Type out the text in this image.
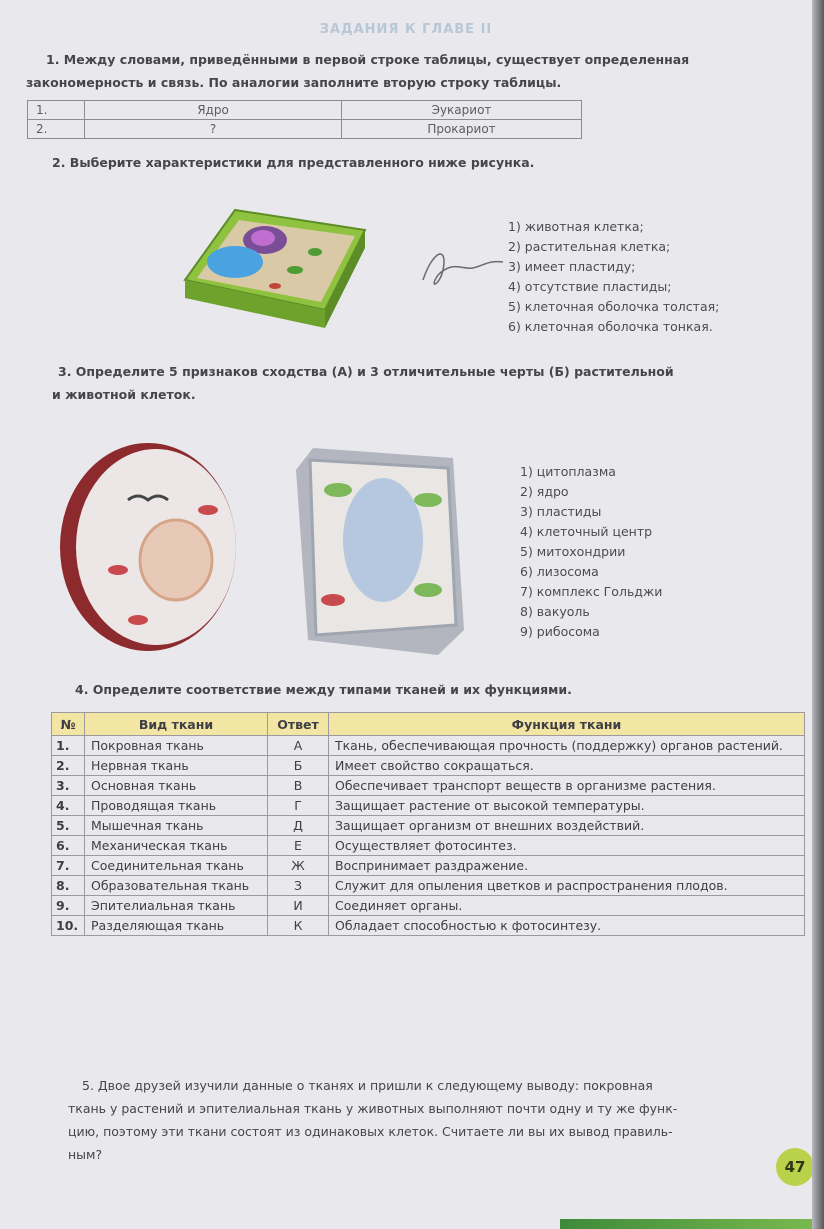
ЗАДАНИЯ К ГЛАВЕ II
1. Между словами, приведёнными в первой строке таблицы, существует определенная
закономерность и связь. По аналогии заполните вторую строку таблицы.
1.	Ядро	Эукариот
2.	?	Прокариот
2. Выберите характеристики для представленного ниже рисунка.
1) животная клетка;
2) растительная клетка;
3) имеет пластиду;
4) отсутствие пластиды;
5) клеточная оболочка толстая;
6) клеточная оболочка тонкая.
3. Определите 5 признаков сходства (А) и 3 отличительные черты (Б) растительной
и животной клеток.
1) цитоплазма
2) ядро
3) пластиды
4) клеточный центр
5) митохондрии
6) лизосома
7) комплекс Гольджи
8) вакуоль
9) рибосома
4. Определите соответствие между типами тканей и их функциями.
№	Вид ткани	Ответ	Функция ткани
1.	Покровная ткань	А	Ткань, обеспечивающая прочность (поддержку) органов растений.
2.	Нервная ткань	Б	Имеет свойство сокращаться.
3.	Основная ткань	В	Обеспечивает транспорт веществ в организме растения.
4.	Проводящая ткань	Г	Защищает растение от высокой температуры.
5.	Мышечная ткань	Д	Защищает организм от внешних воздействий.
6.	Механическая ткань	Е	Осуществляет фотосинтез.
7.	Соединительная ткань	Ж	Воспринимает раздражение.
8.	Образовательная ткань	З	Служит для опыления цветков и распространения плодов.
9.	Эпителиальная ткань	И	Соединяет органы.
10.	Разделяющая ткань	К	Обладает способностью к фотосинтезу.
5. Двое друзей изучили данные о тканях и пришли к следующему выводу: покровная
ткань у растений и эпителиальная ткань у животных выполняют почти одну и ту же функ-
цию, поэтому эти ткани состоят из одинаковых клеток. Считаете ли вы их вывод правиль-
ным?
47
